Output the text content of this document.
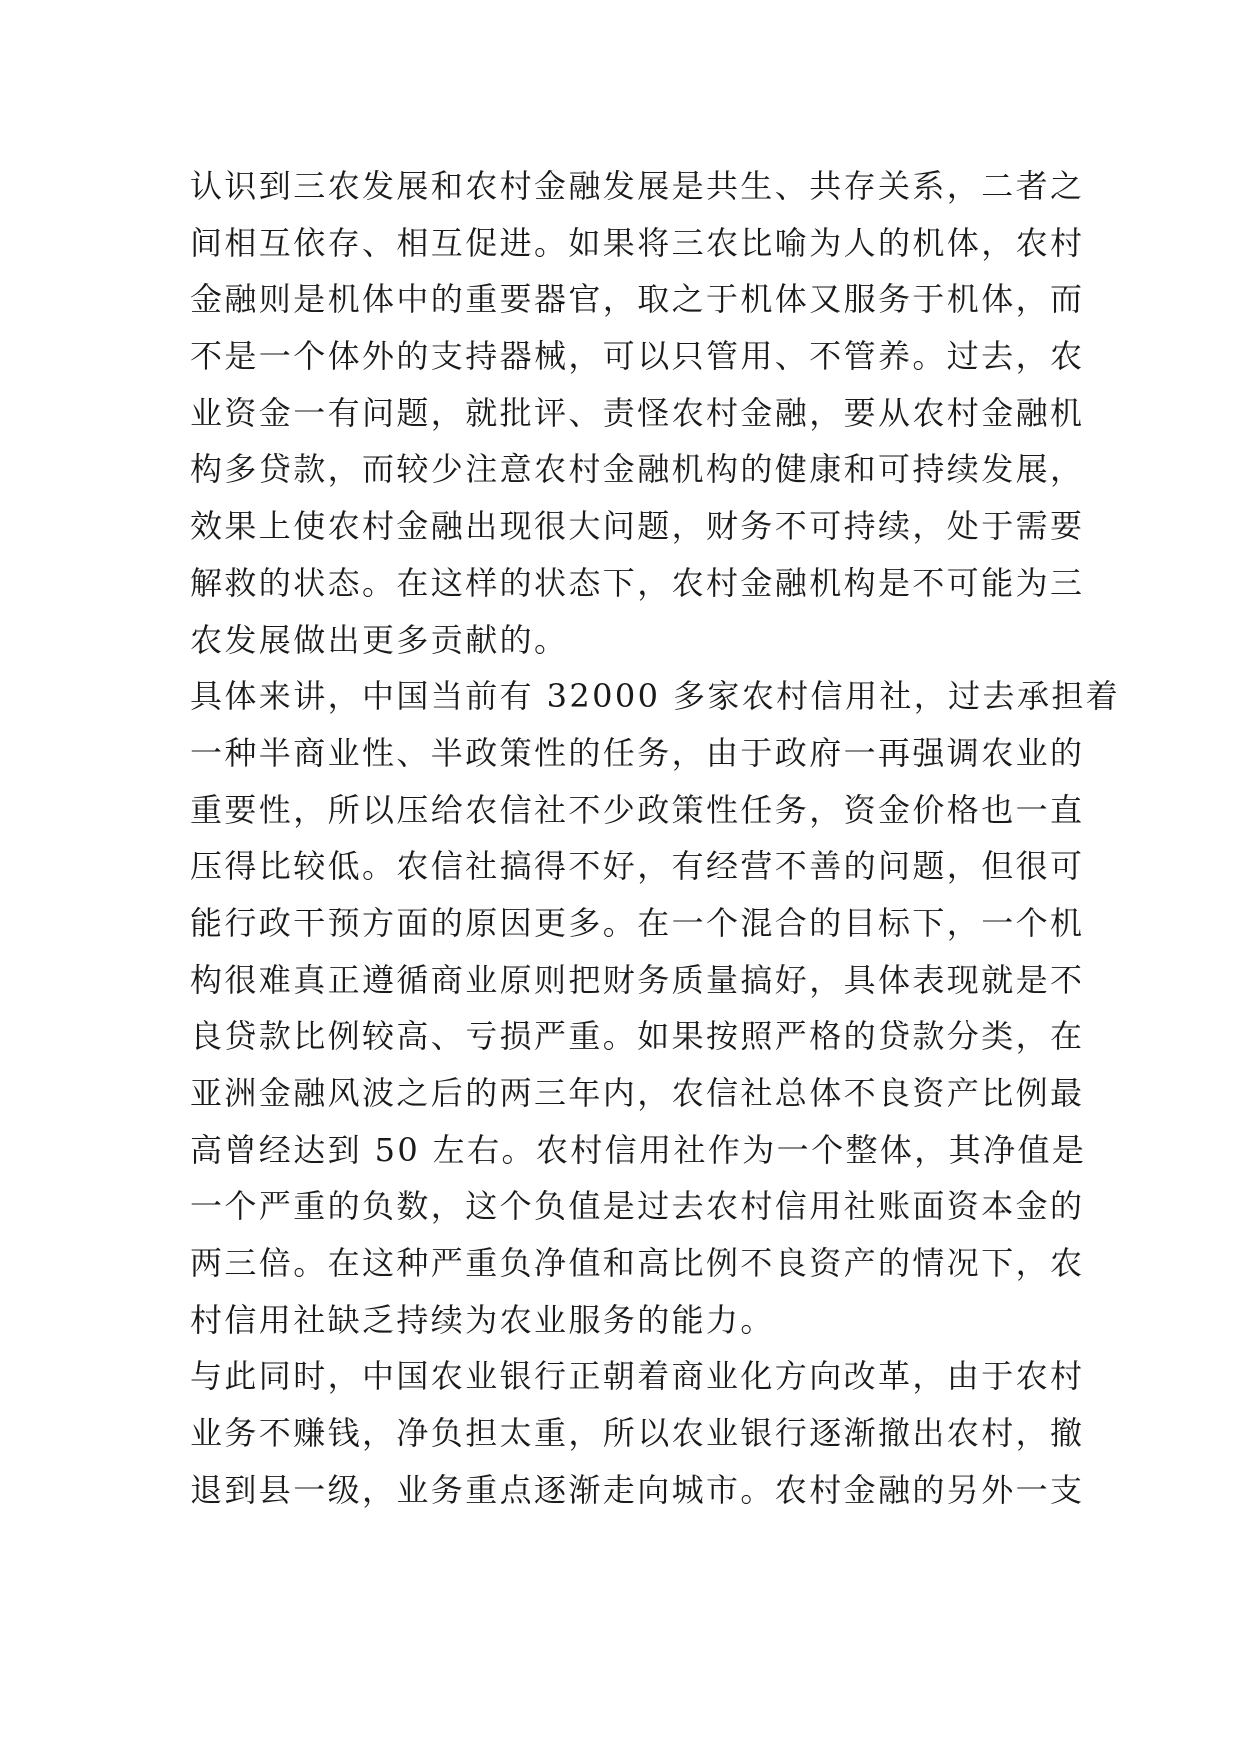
认识到三农发展和农村金融发展是共生、共存关系，二者之
间相互依存、相互促进。如果将三农比喻为人的机体，农村
金融则是机体中的重要器官，取之于机体又服务于机体，而
不是一个体外的支持器械，可以只管用、不管养。过去，农
业资金一有问题，就批评、责怪农村金融，要从农村金融机
构多贷款，而较少注意农村金融机构的健康和可持续发展，
效果上使农村金融出现很大问题，财务不可持续，处于需要
解救的状态。在这样的状态下，农村金融机构是不可能为三
农发展做出更多贡献的。
具体来讲，中国当前有 32000 多家农村信用社，过去承担着
一种半商业性、半政策性的任务，由于政府一再强调农业的
重要性，所以压给农信社不少政策性任务，资金价格也一直
压得比较低。农信社搞得不好，有经营不善的问题，但很可
能行政干预方面的原因更多。在一个混合的目标下，一个机
构很难真正遵循商业原则把财务质量搞好，具体表现就是不
良贷款比例较高、亏损严重。如果按照严格的贷款分类，在
亚洲金融风波之后的两三年内，农信社总体不良资产比例最
高曾经达到 50 左右。农村信用社作为一个整体，其净值是
一个严重的负数，这个负值是过去农村信用社账面资本金的
两三倍。在这种严重负净值和高比例不良资产的情况下，农
村信用社缺乏持续为农业服务的能力。
与此同时，中国农业银行正朝着商业化方向改革，由于农村
业务不赚钱，净负担太重，所以农业银行逐渐撤出农村，撤
退到县一级，业务重点逐渐走向城市。农村金融的另外一支
